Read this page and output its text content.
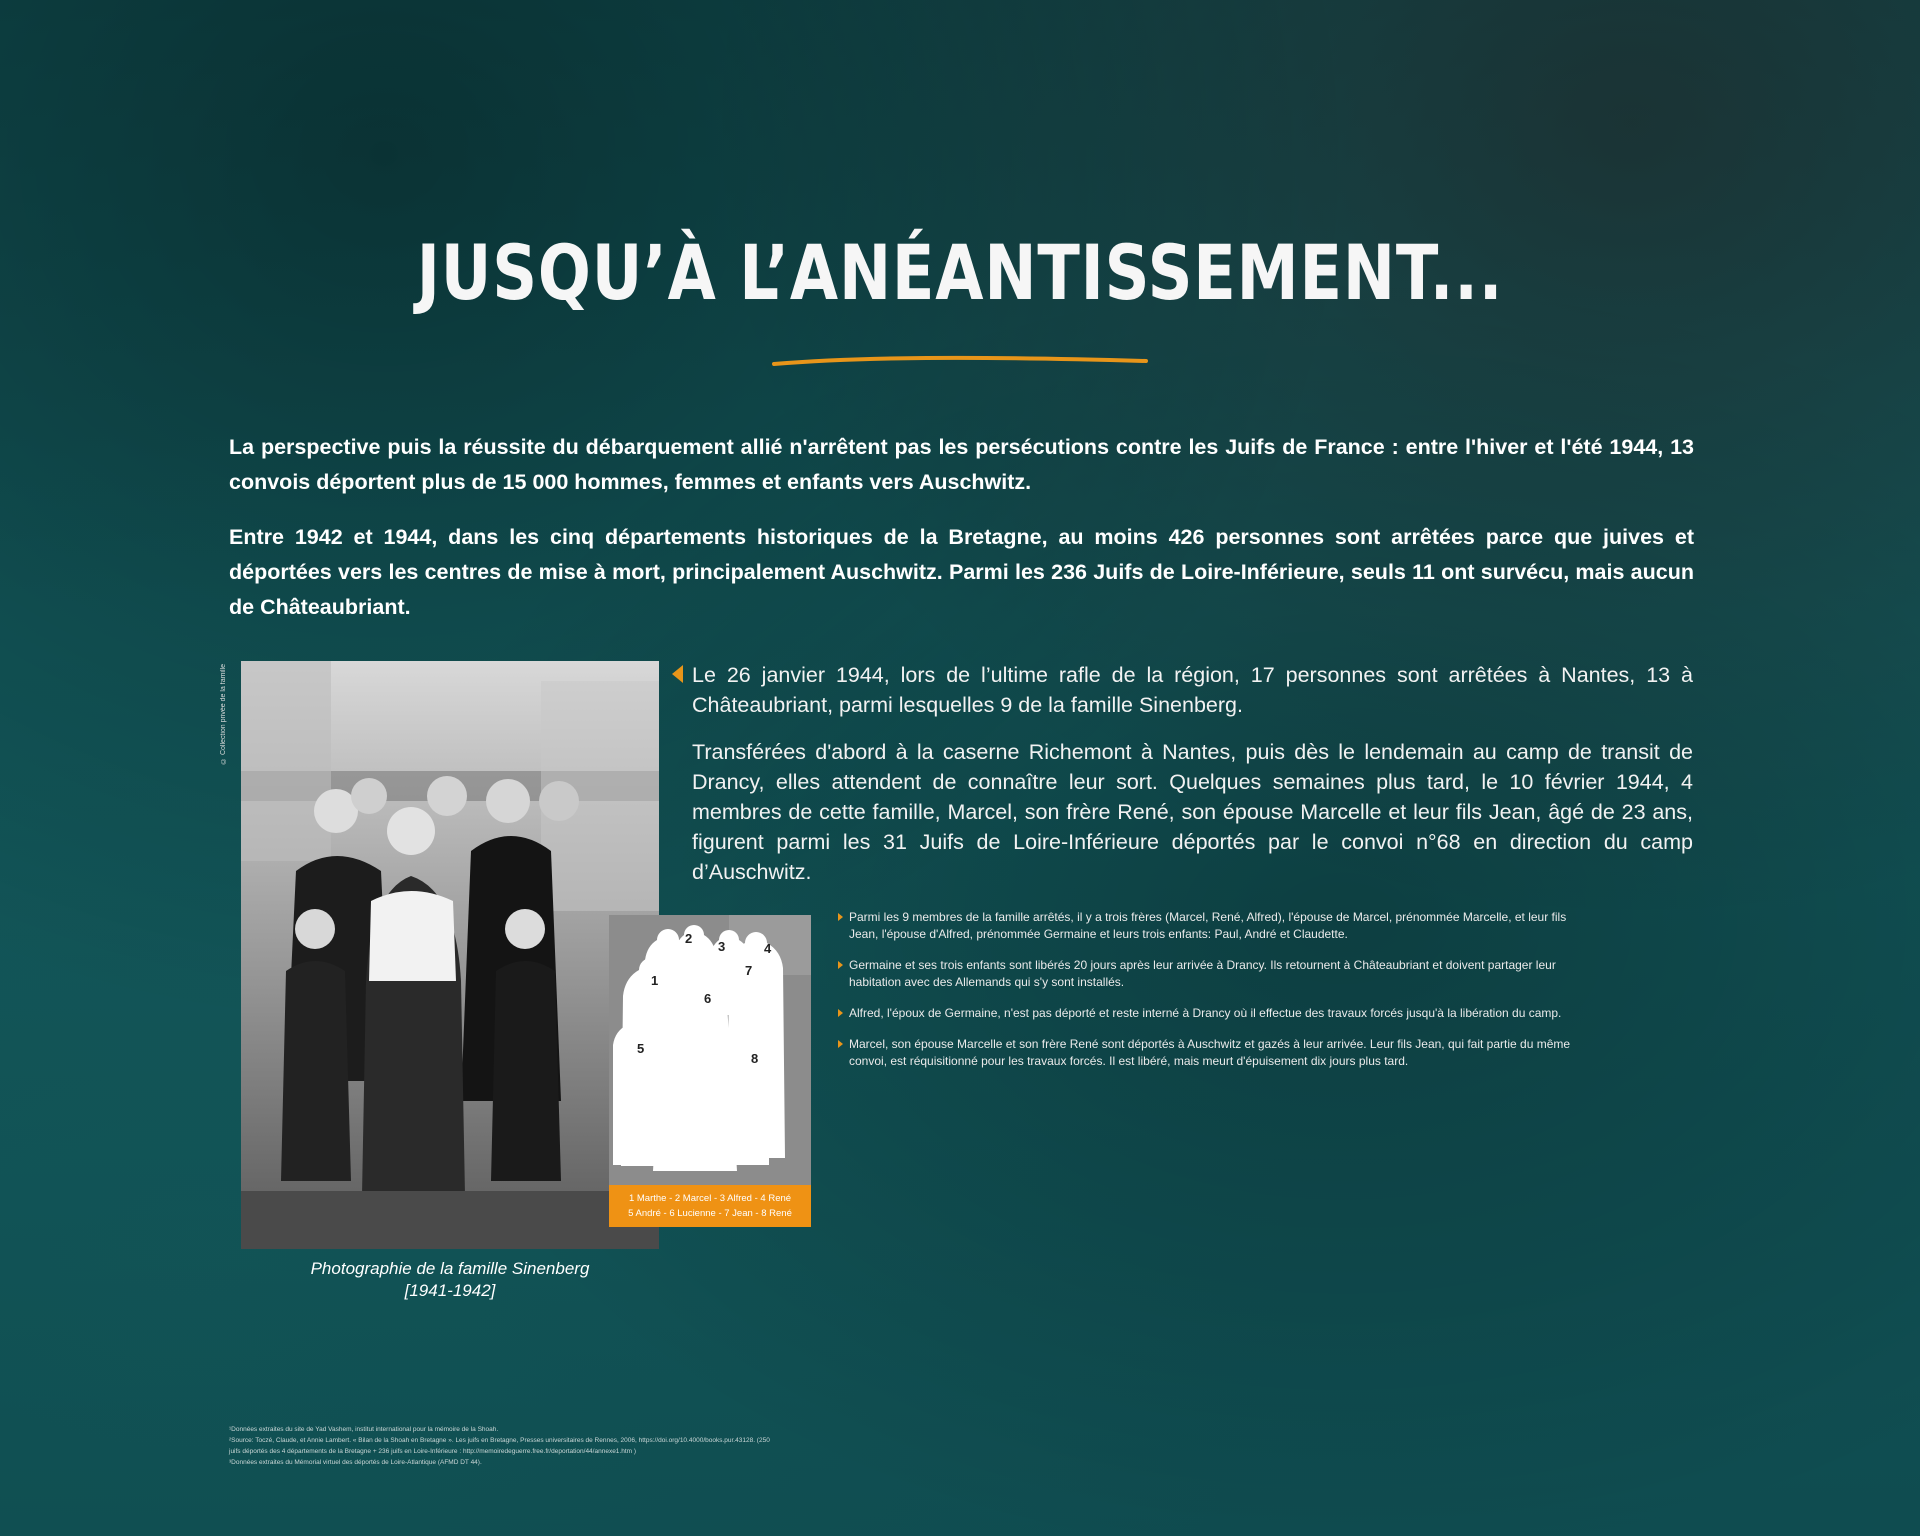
JUSQU’À L’ANÉANTISSEMENT...

La perspective puis la réussite du débarquement allié n'arrêtent pas les persécutions contre les Juifs de France : entre l'hiver et l'été 1944, 13 convois déportent plus de 15 000 hommes, femmes et enfants vers Auschwitz.

Entre 1942 et 1944, dans les cinq départements historiques de la Bretagne, au moins 426 personnes sont arrêtées parce que juives et déportées vers les centres de mise à mort, principalement Auschwitz. Parmi les 236 Juifs de Loire-Inférieure, seuls 11 ont survécu, mais aucun de Châteaubriant.

© Collection privée de la famille
Photographie de la famille Sinenberg
[1941-1942]

Le 26 janvier 1944, lors de l’ultime rafle de la région, 17 personnes sont arrêtées à Nantes, 13 à Châteaubriant, parmi lesquelles 9 de la famille Sinenberg.

Transférées d'abord à la caserne Richemont à Nantes, puis dès le lendemain au camp de transit de Drancy, elles attendent de connaître leur sort. Quelques semaines plus tard, le 10 février 1944, 4 membres de cette famille, Marcel, son frère René, son épouse Marcelle et leur fils Jean, âgé de 23 ans, figurent parmi les 31 Juifs de Loire-Inférieure déportés par le convoi n°68 en direction du camp d’Auschwitz.

1
2
3	4
5
6
7
8
1 Marthe - 2 Marcel - 3 Alfred - 4 René
5 André - 6 Lucienne - 7 Jean - 8 René
Parmi les 9 membres de la famille arrêtés, il y a trois frères (Marcel, René, Alfred), l'épouse de Marcel, prénommée Marcelle, et leur fils Jean, l'épouse d'Alfred, prénommée Germaine et leurs trois enfants: Paul, André et Claudette.
Germaine et ses trois enfants sont libérés 20 jours après leur arrivée à Drancy. Ils retournent à Châteaubriant et doivent partager leur habitation avec des Allemands qui s'y sont installés.
Alfred, l'époux de Germaine, n'est pas déporté et reste interné à Drancy où il effectue des travaux forcés jusqu'à la libération du camp.
Marcel, son épouse Marcelle et son frère René sont déportés à Auschwitz et gazés à leur arrivée. Leur fils Jean, qui fait partie du même convoi, est réquisitionné pour les travaux forcés. Il est libéré, mais meurt d'épuisement dix jours plus tard.
¹Données extraites du site de Yad Vashem, institut international pour la mémoire de la Shoah.
²Source: Toczé, Claude, et Annie Lambert. « Bilan de la Shoah en Bretagne ». Les juifs en Bretagne, Presses universitaires de Rennes, 2006, https://doi.org/10.4000/books.pur.43128. (250
juifs déportés des 4 départements de la Bretagne + 236 juifs en Loire-Inférieure : http://memoiredeguerre.free.fr/deportation/44/annexe1.htm )
³Données extraites du Mémorial virtuel des déportés de Loire-Atlantique (AFMD DT 44).
